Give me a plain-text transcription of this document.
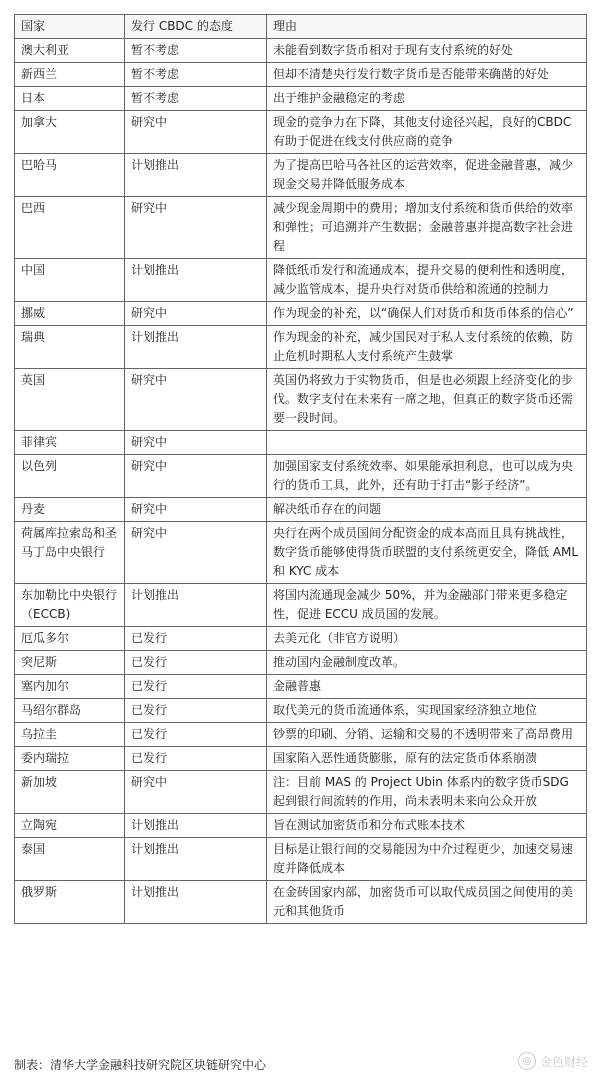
国家	发行 CBDC 的态度	理由
澳大利亚	暂不考虑	未能看到数字货币相对于现有支付系统的好处
新西兰	暂不考虑	但却不清楚央行发行数字货币是否能带来确凿的好处
日本	暂不考虑	出于维护金融稳定的考虑
加拿大	研究中	现金的竞争力在下降，其他支付途径兴起，良好的CBDC 有助于促进在线支付供应商的竞争
巴哈马	计划推出	为了提高巴哈马各社区的运营效率，促进金融普惠，减少现金交易并降低服务成本
巴西	研究中	减少现金周期中的费用；增加支付系统和货币供给的效率和弹性；可追溯并产生数据；金融普惠并提高数字社会进程
中国	计划推出	降低纸币发行和流通成本，提升交易的便利性和透明度，减少监管成本，提升央行对货币供给和流通的控制力
挪威	研究中	作为现金的补充，以“确保人们对货币和货币体系的信心”
瑞典	计划推出	作为现金的补充，减少国民对于私人支付系统的依赖，防止危机时期私人支付系统产生鼓掌
英国	研究中	英国仍将致力于实物货币，但是也必须跟上经济变化的步伐。数字支付在未来有一席之地，但真正的数字货币还需要一段时间。
菲律宾	研究中	
以色列	研究中	加强国家支付系统效率、如果能承担利息，也可以成为央行的货币工具，此外，还有助于打击“影子经济”。
丹麦	研究中	解决纸币存在的问题
荷属库拉索岛和圣马丁岛中央银行	研究中	央行在两个成员国间分配资金的成本高而且具有挑战性，数字货币能够使得货币联盟的支付系统更安全，降低 AML 和 KYC 成本
东加勒比中央银行（ECCB)	计划推出	将国内流通现金减少 50%，并为金融部门带来更多稳定性，促进 ECCU 成员国的发展。
厄瓜多尔	已发行	去美元化（非官方说明）
突尼斯	已发行	推动国内金融制度改革。
塞内加尔	已发行	金融普惠
马绍尔群岛	已发行	取代美元的货币流通体系，实现国家经济独立地位
乌拉圭	已发行	钞票的印刷、分销、运输和交易的不透明带来了高昂费用
委内瑞拉	已发行	国家陷入恶性通货膨胀，原有的法定货币体系崩溃
新加坡	研究中	注：目前 MAS 的 Project Ubin 体系内的数字货币SDG 起到银行间流转的作用，尚未表明未来向公众开放
立陶宛	计划推出	旨在测试加密货币和分布式账本技术
泰国	计划推出	目标是让银行间的交易能因为中介过程更少，加速交易速度并降低成本
俄罗斯	计划推出	在金砖国家内部，加密货币可以取代成员国之间使用的美元和其他货币
制表：清华大学金融科技研究院区块链研究中心	◎ 金色财经
